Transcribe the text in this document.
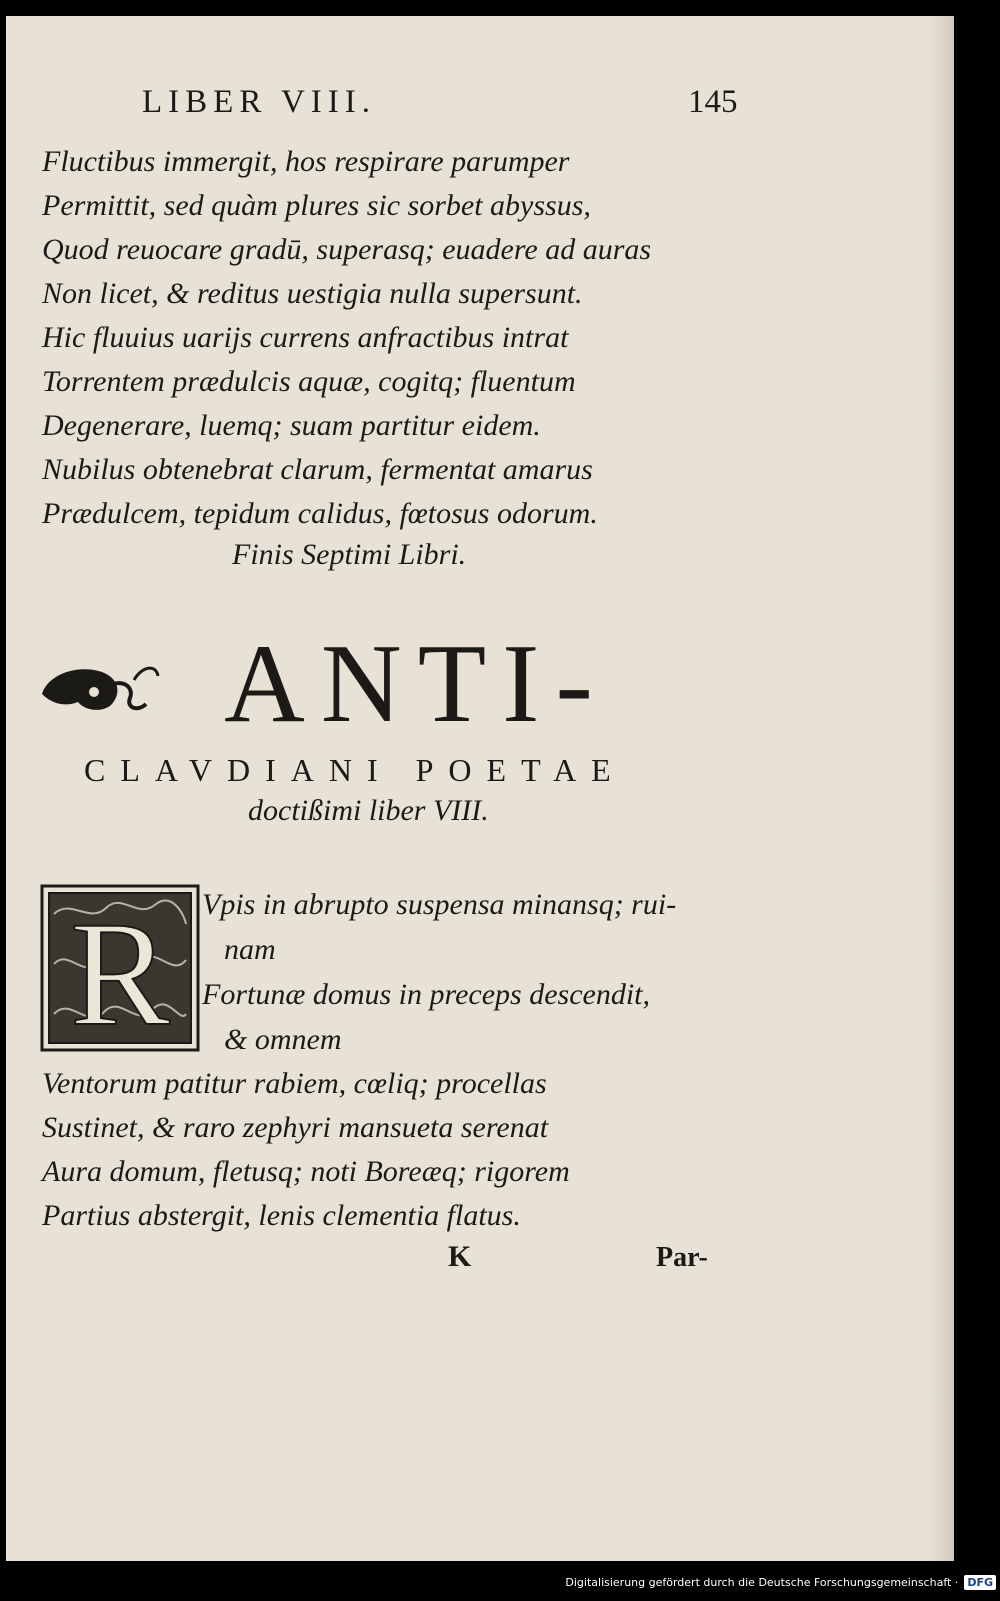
LIBER VIII.	145
Fluctibus immergit, hos respirare parumper
Permittit, sed quàm plures sic sorbet abyssus,
Quod reuocare gradū, superasq; euadere ad auras
Non licet, & reditus uestigia nulla supersunt.
Hic fluuius uarijs currens anfractibus intrat
Torrentem prædulcis aquæ, cogitq; fluentum
Degenerare, luemq; suam partitur eidem.
Nubilus obtenebrat clarum, fermentat amarus
Prædulcem, tepidum calidus, fœtosus odorum.
Finis Septimi Libri.
ANTI-
CLAVDIANI POETAE
doctißimi liber VIII.
R Vpis in abrupto suspensa minansq; rui-
nam
Fortunæ domus in preceps descendit,
& omnem
Ventorum patitur rabiem, cœliq; procellas
Sustinet, & raro zephyri mansueta serenat
Aura domum, fletusq; noti Boreæq; rigorem
Partius abstergit, lenis clementia flatus.
K	Par-
Digitalisierung gefördert durch die Deutsche Forschungsgemeinschaft · DFG
